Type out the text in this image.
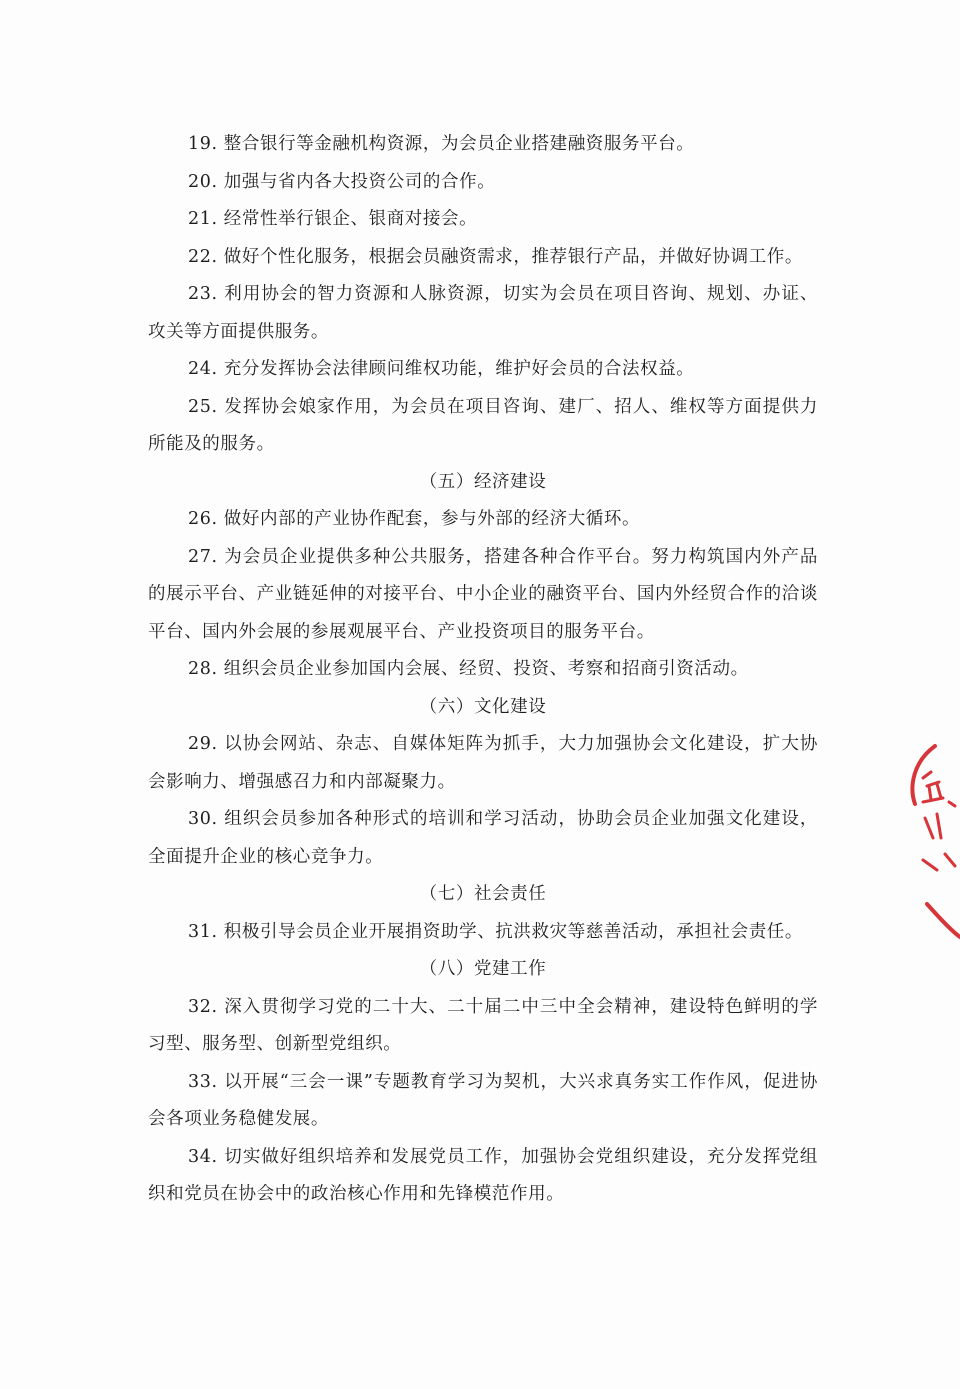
19. 整合银行等金融机构资源，为会员企业搭建融资服务平台。

20. 加强与省内各大投资公司的合作。

21. 经常性举行银企、银商对接会。

22. 做好个性化服务，根据会员融资需求，推荐银行产品，并做好协调工作。

23. 利用协会的智力资源和人脉资源，切实为会员在项目咨询、规划、办证、攻关等方面提供服务。

24. 充分发挥协会法律顾问维权功能，维护好会员的合法权益。

25. 发挥协会娘家作用，为会员在项目咨询、建厂、招人、维权等方面提供力所能及的服务。

（五）经济建设

26. 做好内部的产业协作配套，参与外部的经济大循环。

27. 为会员企业提供多种公共服务，搭建各种合作平台。努力构筑国内外产品的展示平台、产业链延伸的对接平台、中小企业的融资平台、国内外经贸合作的洽谈平台、国内外会展的参展观展平台、产业投资项目的服务平台。

28. 组织会员企业参加国内会展、经贸、投资、考察和招商引资活动。

（六）文化建设

29. 以协会网站、杂志、自媒体矩阵为抓手，大力加强协会文化建设，扩大协会影响力、增强感召力和内部凝聚力。

30. 组织会员参加各种形式的培训和学习活动，协助会员企业加强文化建设，全面提升企业的核心竞争力。

（七）社会责任

31. 积极引导会员企业开展捐资助学、抗洪救灾等慈善活动，承担社会责任。

（八）党建工作

32. 深入贯彻学习党的二十大、二十届二中三中全会精神，建设特色鲜明的学习型、服务型、创新型党组织。

33. 以开展“三会一课”专题教育学习为契机，大兴求真务实工作作风，促进协会各项业务稳健发展。

34. 切实做好组织培养和发展党员工作，加强协会党组织建设，充分发挥党组织和党员在协会中的政治核心作用和先锋模范作用。

业
